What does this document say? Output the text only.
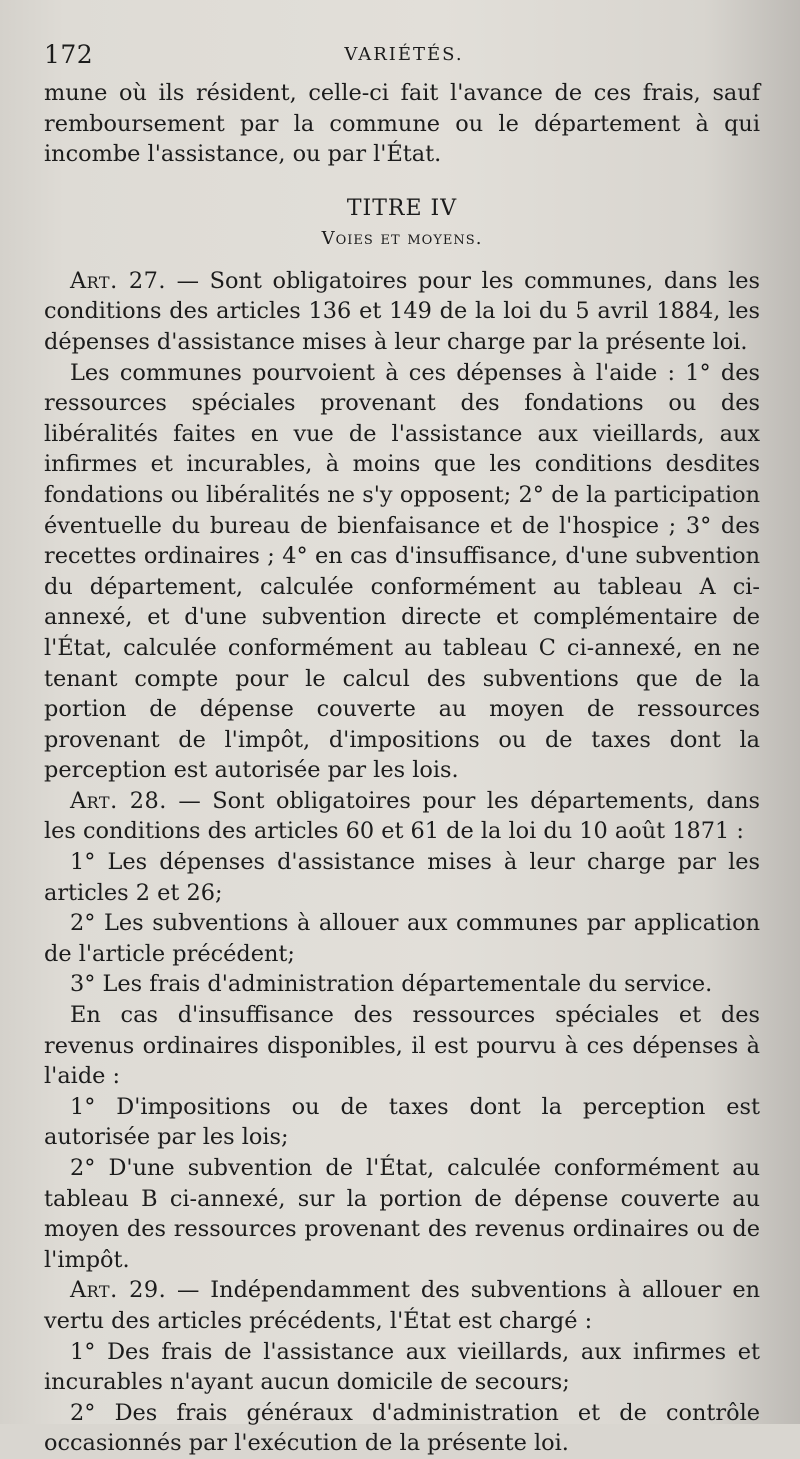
172	VARIÉTÉS.

mune où ils résident, celle-ci fait l'avance de ces frais, sauf remboursement par la commune ou le département à qui incombe l'assistance, ou par l'État.

TITRE IV
Voies et moyens.

Art. 27. — Sont obligatoires pour les communes, dans les conditions des articles 136 et 149 de la loi du 5 avril 1884, les dépenses d'assistance mises à leur charge par la présente loi.

Les communes pourvoient à ces dépenses à l'aide : 1° des ressources spéciales provenant des fondations ou des libéralités faites en vue de l'assistance aux vieillards, aux infirmes et incurables, à moins que les conditions desdites fondations ou libéralités ne s'y opposent; 2° de la participation éventuelle du bureau de bienfaisance et de l'hospice ; 3° des recettes ordinaires ; 4° en cas d'insuffisance, d'une subvention du département, calculée conformément au tableau A ci-annexé, et d'une subvention directe et complémentaire de l'État, calculée conformément au tableau C ci-annexé, en ne tenant compte pour le calcul des subventions que de la portion de dépense couverte au moyen de ressources provenant de l'impôt, d'impositions ou de taxes dont la perception est autorisée par les lois.

Art. 28. — Sont obligatoires pour les départements, dans les conditions des articles 60 et 61 de la loi du 10 août 1871 :

1° Les dépenses d'assistance mises à leur charge par les articles 2 et 26;

2° Les subventions à allouer aux communes par application de l'article précédent;

3° Les frais d'administration départementale du service.

En cas d'insuffisance des ressources spéciales et des revenus ordinaires disponibles, il est pourvu à ces dépenses à l'aide :

1° D'impositions ou de taxes dont la perception est autorisée par les lois;

2° D'une subvention de l'État, calculée conformément au tableau B ci-annexé, sur la portion de dépense couverte au moyen des ressources provenant des revenus ordinaires ou de l'impôt.

Art. 29. — Indépendamment des subventions à allouer en vertu des articles précédents, l'État est chargé :

1° Des frais de l'assistance aux vieillards, aux infirmes et incurables n'ayant aucun domicile de secours;

2° Des frais généraux d'administration et de contrôle occasionnés par l'exécution de la présente loi.
